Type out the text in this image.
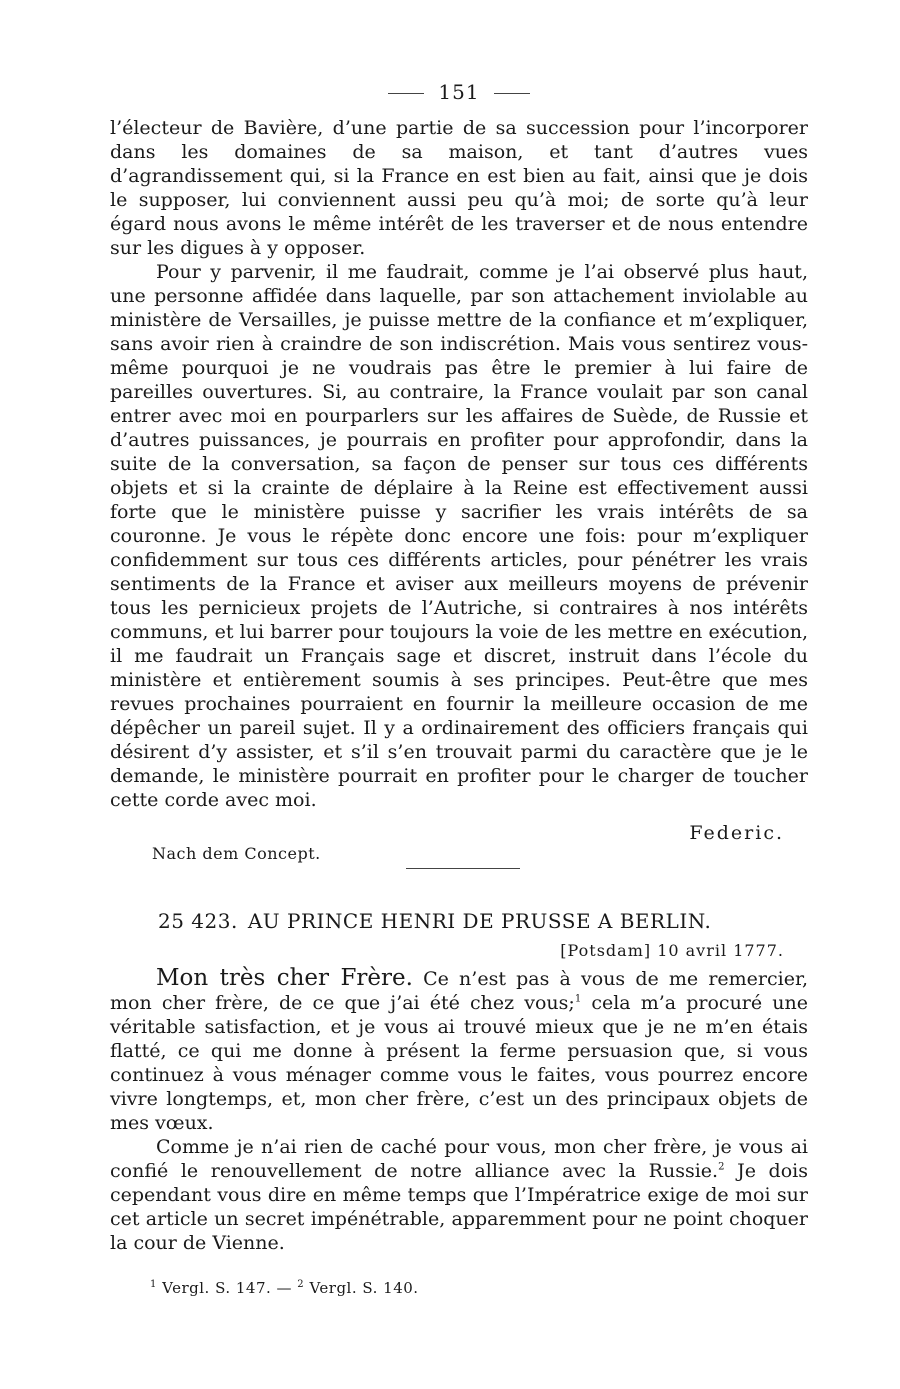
151

l’électeur de Bavière, d’une partie de sa succession pour l’incorporer dans les domaines de sa maison, et tant d’autres vues d’agrandissement qui, si la France en est bien au fait, ainsi que je dois le supposer, lui conviennent aussi peu qu’à moi; de sorte qu’à leur égard nous avons le même intérêt de les traverser et de nous entendre sur les digues à y opposer.

Pour y parvenir, il me faudrait, comme je l’ai observé plus haut, une personne affidée dans laquelle, par son attachement inviolable au ministère de Versailles, je puisse mettre de la confiance et m’expliquer, sans avoir rien à craindre de son indiscrétion. Mais vous sentirez vous-même pourquoi je ne voudrais pas être le premier à lui faire de pareilles ouvertures. Si, au contraire, la France voulait par son canal entrer avec moi en pourparlers sur les affaires de Suède, de Russie et d’autres puissances, je pourrais en profiter pour approfondir, dans la suite de la conversation, sa façon de penser sur tous ces différents objets et si la crainte de déplaire à la Reine est effectivement aussi forte que le ministère puisse y sacrifier les vrais intérêts de sa couronne. Je vous le répète donc encore une fois: pour m’expliquer confidemment sur tous ces différents articles, pour pénétrer les vrais sentiments de la France et aviser aux meilleurs moyens de prévenir tous les pernicieux projets de l’Autriche, si contraires à nos intérêts communs, et lui barrer pour toujours la voie de les mettre en exécution, il me faudrait un Français sage et discret, instruit dans l’école du ministère et entièrement soumis à ses principes. Peut-être que mes revues prochaines pourraient en fournir la meilleure occasion de me dépêcher un pareil sujet. Il y a ordinairement des officiers français qui désirent d’y assister, et s’il s’en trouvait parmi du caractère que je le demande, le ministère pourrait en profiter pour le charger de toucher cette corde avec moi.

Federic.
Nach dem Concept.
25 423. AU PRINCE HENRI DE PRUSSE A BERLIN.
[Potsdam] 10 avril 1777.

Mon très cher Frère. Ce n’est pas à vous de me remercier, mon cher frère, de ce que j’ai été chez vous;$^1$ cela m’a procuré une véritable satisfaction, et je vous ai trouvé mieux que je ne m’en étais flatté, ce qui me donne à présent la ferme persuasion que, si vous continuez à vous ménager comme vous le faites, vous pourrez encore vivre longtemps, et, mon cher frère, c’est un des principaux objets de mes vœux.

Comme je n’ai rien de caché pour vous, mon cher frère, je vous ai confié le renouvellement de notre alliance avec la Russie.$^2$ Je dois cependant vous dire en même temps que l’Impératrice exige de moi sur cet article un secret impénétrable, apparemment pour ne point choquer la cour de Vienne.

$^1$ Vergl. S. 147. — $^2$ Vergl. S. 140.
